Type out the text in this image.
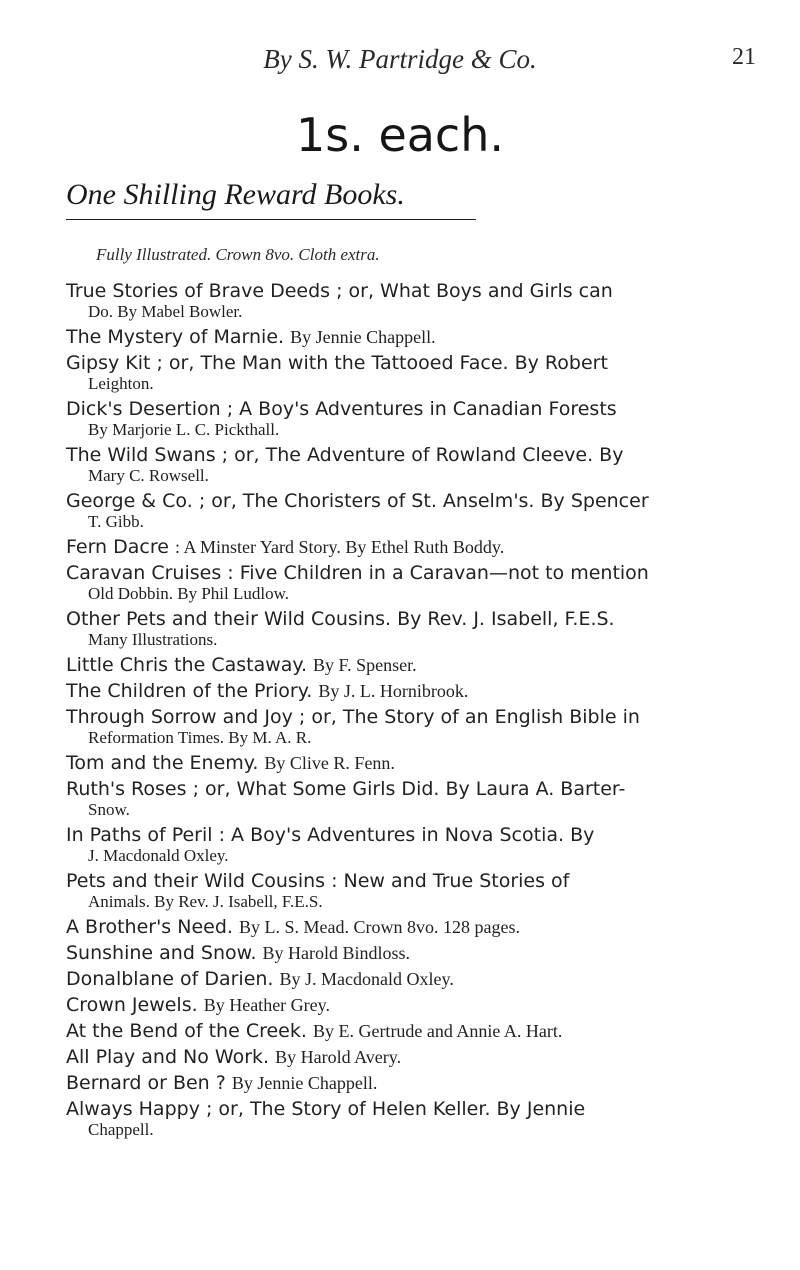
By S. W. Partridge & Co.	21
1s. each.
One Shilling Reward Books.
Fully Illustrated. Crown 8vo. Cloth extra.
True Stories of Brave Deeds ; or, What Boys and Girls can
Do. By Mabel Bowler.
The Mystery of Marnie. By Jennie Chappell.
Gipsy Kit ; or, The Man with the Tattooed Face. By Robert
Leighton.
Dick's Desertion ; A Boy's Adventures in Canadian Forests
By Marjorie L. C. Pickthall.
The Wild Swans ; or, The Adventure of Rowland Cleeve. By
Mary C. Rowsell.
George & Co. ; or, The Choristers of St. Anselm's. By Spencer
T. Gibb.
Fern Dacre : A Minster Yard Story. By Ethel Ruth Boddy.
Caravan Cruises : Five Children in a Caravan—not to mention
Old Dobbin. By Phil Ludlow.
Other Pets and their Wild Cousins. By Rev. J. Isabell, F.E.S.
Many Illustrations.
Little Chris the Castaway. By F. Spenser.
The Children of the Priory. By J. L. Hornibrook.
Through Sorrow and Joy ; or, The Story of an English Bible in
Reformation Times. By M. A. R.
Tom and the Enemy. By Clive R. Fenn.
Ruth's Roses ; or, What Some Girls Did. By Laura A. Barter-
Snow.
In Paths of Peril : A Boy's Adventures in Nova Scotia. By
J. Macdonald Oxley.
Pets and their Wild Cousins : New and True Stories of
Animals. By Rev. J. Isabell, F.E.S.
A Brother's Need. By L. S. Mead. Crown 8vo. 128 pages.
Sunshine and Snow. By Harold Bindloss.
Donalblane of Darien. By J. Macdonald Oxley.
Crown Jewels. By Heather Grey.
At the Bend of the Creek. By E. Gertrude and Annie A. Hart.
All Play and No Work. By Harold Avery.
Bernard or Ben ? By Jennie Chappell.
Always Happy ; or, The Story of Helen Keller. By Jennie
Chappell.
